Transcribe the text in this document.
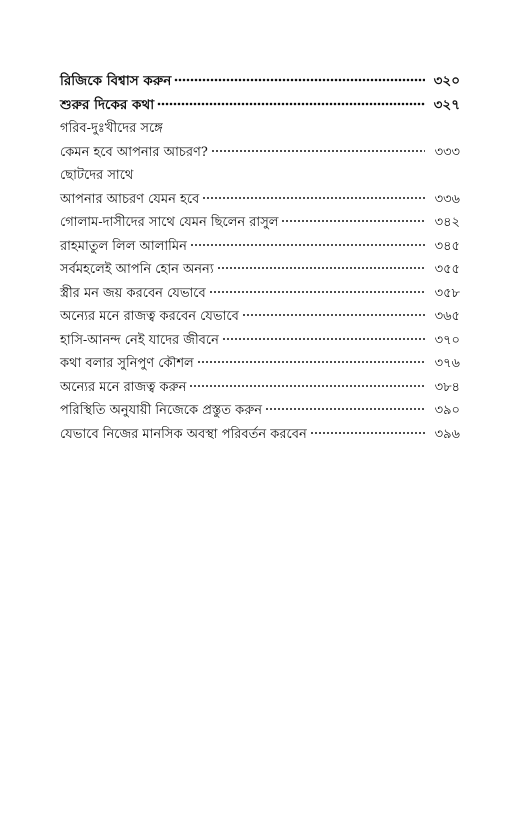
রিজিকে বিশ্বাস করুন	৩২০
শুরুর দিকের কথা	৩২৭
গরিব-দুঃখীদের সঙ্গে
কেমন হবে আপনার আচরণ?	৩৩৩
ছোটদের সাথে
আপনার আচরণ যেমন হবে	৩৩৬
গোলাম-দাসীদের সাথে যেমন ছিলেন রাসুল	৩৪২
রাহমাতুল লিল আলামিন	৩৪৫
সর্বমহলেই আপনি হোন অনন্য	৩৫৫
স্ত্রীর মন জয় করবেন যেভাবে	৩৫৮
অন্যের মনে রাজত্ব করবেন যেভাবে	৩৬৫
হাসি-আনন্দ নেই যাদের জীবনে	৩৭০
কথা বলার সুনিপুণ কৌশল	৩৭৬
অন্যের মনে রাজত্ব করুন	৩৮৪
পরিস্থিতি অনুযায়ী নিজেকে প্রস্তুত করুন	৩৯০
যেভাবে নিজের মানসিক অবস্থা পরিবর্তন করবেন	৩৯৬
